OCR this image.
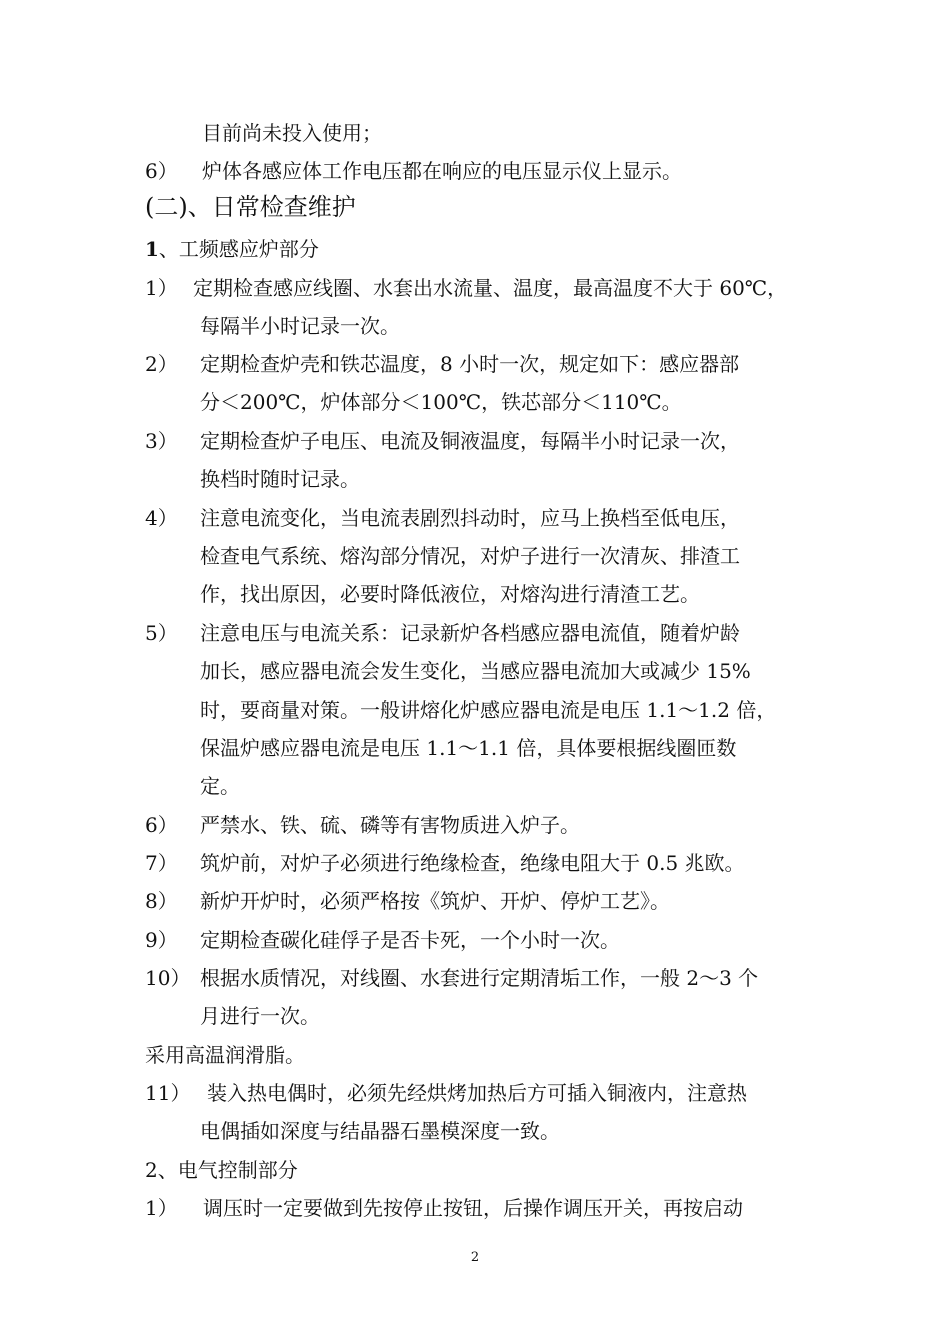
目前尚未投入使用；
6） 炉体各感应体工作电压都在响应的电压显示仪上显示。
(二)、日常检查维护
1、工频感应炉部分
1） 定期检查感应线圈、水套出水流量、温度，最高温度不大于 60℃，
每隔半小时记录一次。
2） 定期检查炉壳和铁芯温度，8 小时一次，规定如下：感应器部
分＜200℃，炉体部分＜100℃，铁芯部分＜110℃。
3） 定期检查炉子电压、电流及铜液温度，每隔半小时记录一次，
换档时随时记录。
4） 注意电流变化，当电流表剧烈抖动时，应马上换档至低电压，
检查电气系统、熔沟部分情况，对炉子进行一次清灰、排渣工
作，找出原因，必要时降低液位，对熔沟进行清渣工艺。
5） 注意电压与电流关系：记录新炉各档感应器电流值，随着炉龄
加长，感应器电流会发生变化，当感应器电流加大或减少 15%
时，要商量对策。一般讲熔化炉感应器电流是电压 1.1～1.2 倍，
保温炉感应器电流是电压 1.1～1.1 倍，具体要根据线圈匝数
定。
6） 严禁水、铁、硫、磷等有害物质进入炉子。
7） 筑炉前，对炉子必须进行绝缘检查，绝缘电阻大于 0.5 兆欧。
8） 新炉开炉时，必须严格按《筑炉、开炉、停炉工艺》。
9） 定期检查碳化硅俘子是否卡死，一个小时一次。
10） 根据水质情况，对线圈、水套进行定期清垢工作，一般 2～3 个
月进行一次。
采用高温润滑脂。
11） 装入热电偶时，必须先经烘烤加热后方可插入铜液内，注意热
电偶插如深度与结晶器石墨模深度一致。
2、电气控制部分
1） 调压时一定要做到先按停止按钮，后操作调压开关，再按启动
2
